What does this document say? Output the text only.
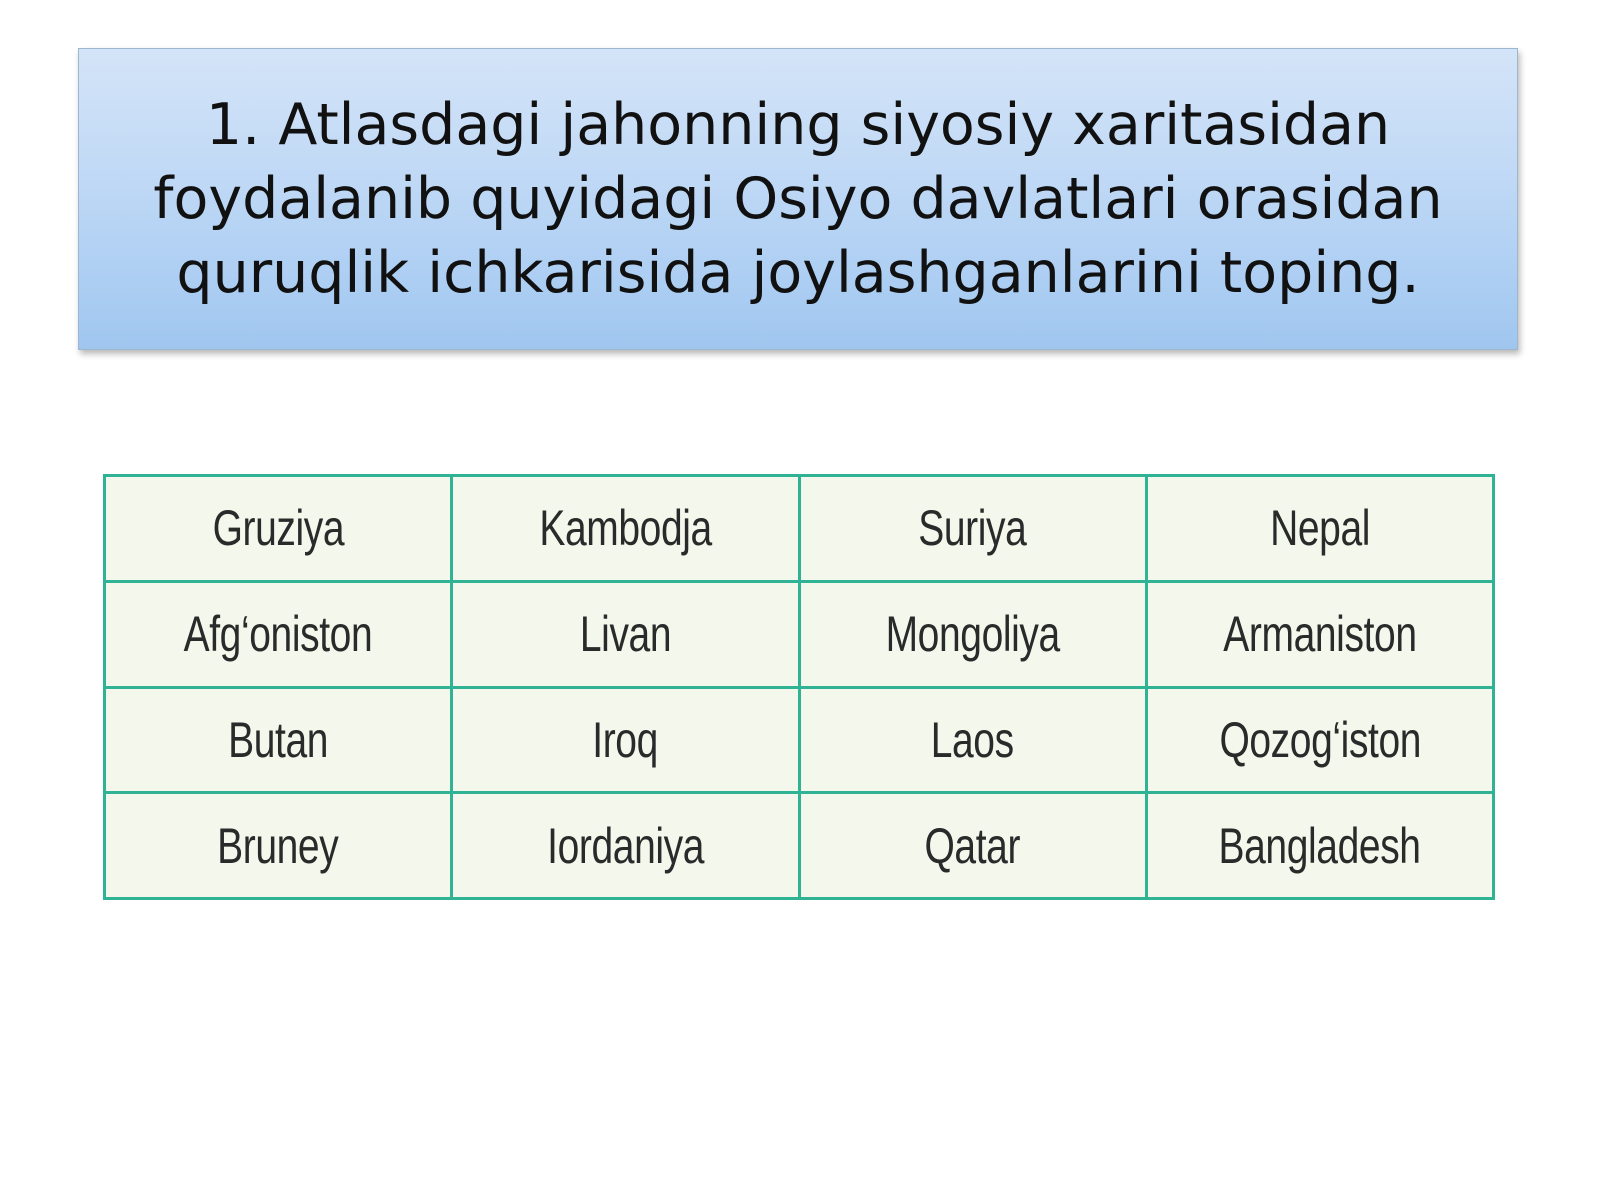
1. Atlasdagi jahonning siyosiy xaritasidan
foydalanib quyidagi Osiyo davlatlari orasidan
quruqlik ichkarisida joylashganlarini toping.

Gruziya	Kambodja	Suriya	Nepal
Afg‘oniston	Livan	Mongoliya	Armaniston
Butan	Iroq	Laos	Qozog‘iston
Bruney	Iordaniya	Qatar	Bangladesh
